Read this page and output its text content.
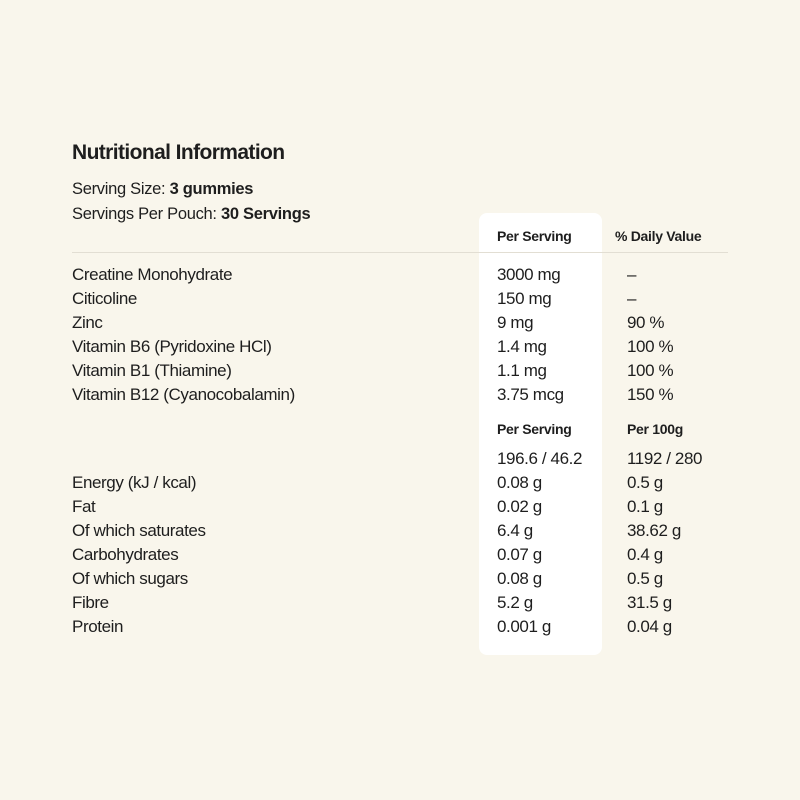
Nutritional Information
Serving Size: 3 gummies
Servings Per Pouch: 30 Servings
Per Serving	% Daily Value
Creatine Monohydrate	3000 mg	–
Citicoline	150 mg	–
Zinc	9 mg	90 %
Vitamin B6 (Pyridoxine HCl)	1.4 mg	100 %
Vitamin B1 (Thiamine)	1.1 mg	100 %
Vitamin B12 (Cyanocobalamin)	3.75 mcg	150 %
Per Serving	Per 100g
196.6 / 46.2	1192 / 280
Energy (kJ / kcal)	0.08 g	0.5 g
Fat	0.02 g	0.1 g
Of which saturates	6.4 g	38.62 g
Carbohydrates	0.07 g	0.4 g
Of which sugars	0.08 g	0.5 g
Fibre	5.2 g	31.5 g
Protein	0.001 g	0.04 g
